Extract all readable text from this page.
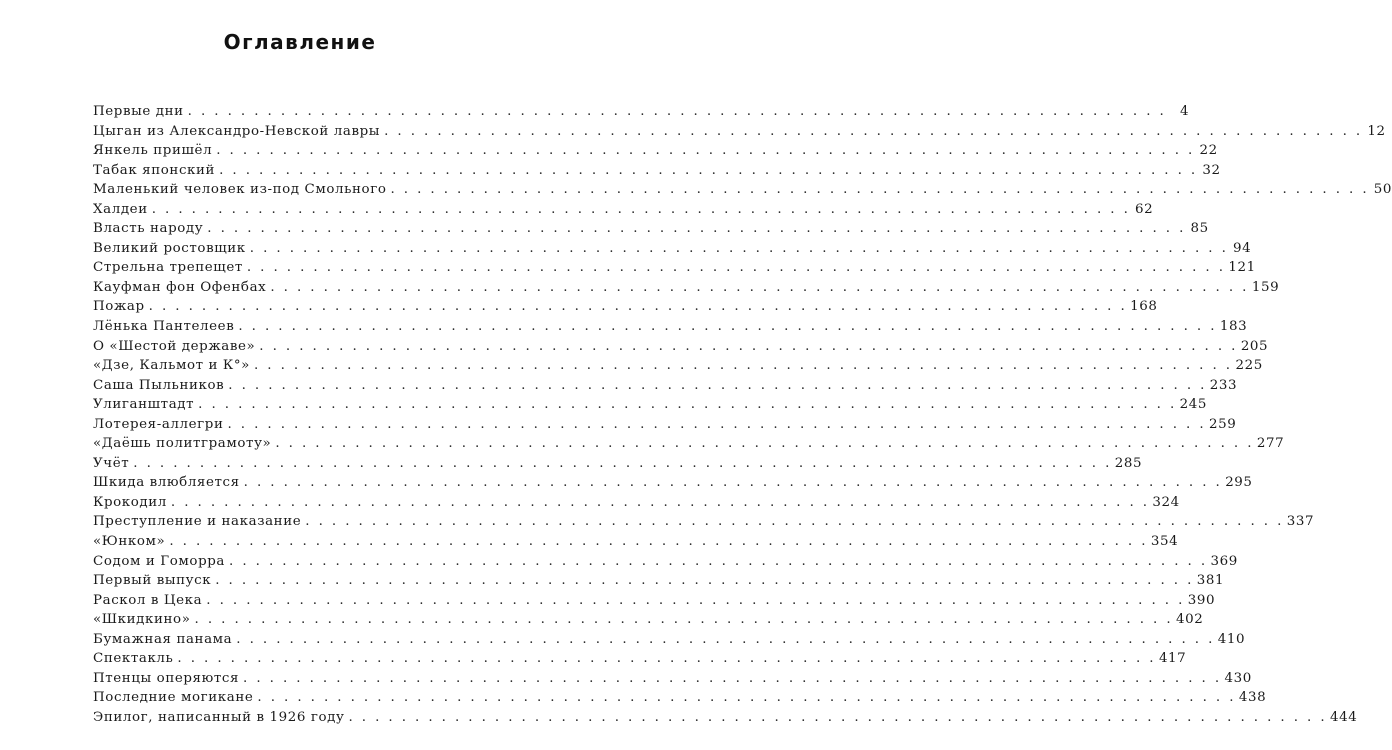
Оглавление
Первые дни . . .	4
Цыган из Александро-Невской лавры . . .	12
Янкель пришёл . . .	22
Табак японский . . .	32
Маленький человек из-под Смольного . . .	50
Халдеи . . .	62
Власть народу . . .	85
Великий ростовщик . . .	94
Стрельна трепещет . . .	121
Кауфман фон Офенбах . . .	159
Пожар . . .	168
Лёнька Пантелеев . . .	183
О «Шестой державе» . . .	205
«Дзе, Кальмот и К°» . . .	225
Саша Пыльников . . .	233
Улиганштадт . . .	245
Лотерея-аллегри . . .	259
«Даёшь политграмоту» . . .	277
Учёт . . .	285
Шкида влюбляется . . .	295
Крокодил . . .	324
Преступление и наказание . . .	337
«Юнком» . . .	354
Содом и Гоморра . . .	369
Первый выпуск . . .	381
Раскол в Цека . . .	390
«Шкидкино» . . .	402
Бумажная панама . . .	410
Спектакль . . .	417
Птенцы оперяются . . .	430
Последние могикане . . .	438
Эпилог, написанный в 1926 году . . .	444
